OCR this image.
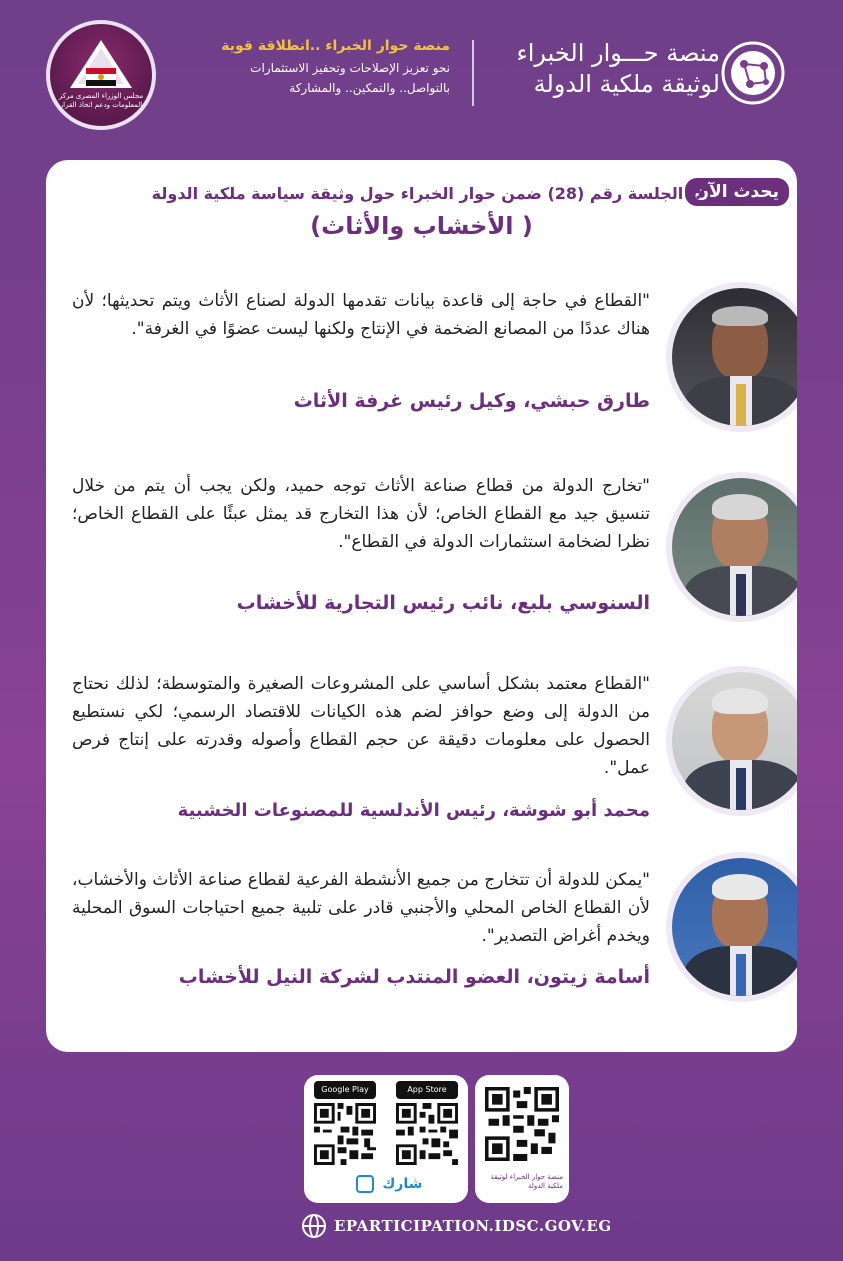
مجلس الوزراء المصرى مركز المعلومات ودعم اتخاذ القرار
منصة حوار الخبراء ..انطلاقة قوية
نحو تعزيز الإصلاحات وتحفيز الاستثمارات
بالتواصل.. والتمكين.. والمشاركة
منصة حـــوار الخبراء
لوثيقة ملكية الدولة
يحدث الآن
.. الجلسة رقم (28) ضمن حوار الخبراء حول وثيقة سياسة ملكية الدولة
(الأخشاب والأثاث )
"القطاع في حاجة إلى قاعدة بيانات تقدمها الدولة لصناع الأثاث ويتم تحديثها؛ لأن هناك عددًا من المصانع الضخمة في الإنتاج ولكنها ليست عضوًا في الغرفة".
طارق حبشي، وكيل رئيس غرفة الأثاث
"تخارج الدولة من قطاع صناعة الأثاث توجه حميد، ولكن يجب أن يتم من خلال تنسيق جيد مع القطاع الخاص؛ لأن هذا التخارج قد يمثل عبئًا على القطاع الخاص؛ نظرا لضخامة استثمارات الدولة في القطاع".
السنوسي بلبع، نائب رئيس التجارية للأخشاب
"القطاع معتمد بشكل أساسي على المشروعات الصغيرة والمتوسطة؛ لذلك نحتاج من الدولة إلى وضع حوافز لضم هذه الكيانات للاقتصاد الرسمي؛ لكي نستطيع الحصول على معلومات دقيقة عن حجم القطاع وأصوله وقدرته على إنتاج فرص عمل".
محمد أبو شوشة، رئيس الأندلسية للمصنوعات الخشبية
"يمكن للدولة أن تتخارج من جميع الأنشطة الفرعية لقطاع صناعة الأثاث والأخشاب، لأن القطاع الخاص المحلي والأجنبي قادر على تلبية جميع احتياجات السوق المحلية ويخدم أغراض التصدير".
أسامة زيتون، العضو المنتدب لشركة النيل للأخشاب
Google Play	App Store
شارك	منصة حوار الخبراء لوثيقة ملكية الدولة
EPARTICIPATION.IDSC.GOV.EG
